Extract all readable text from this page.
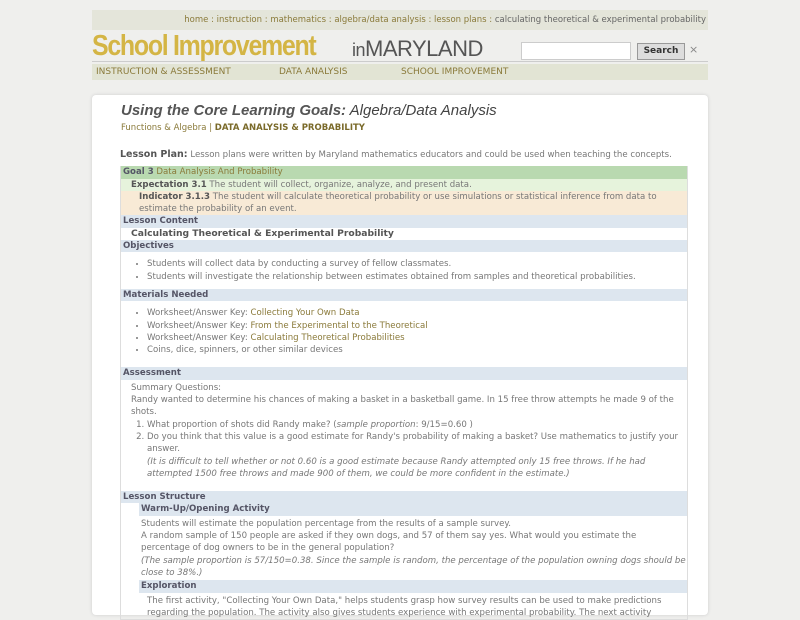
home : instruction : mathematics : algebra/data analysis : lesson plans : calculating theoretical & experimental probability
School Improvement inMARYLAND	Search ×
INSTRUCTION & ASSESSMENT	DATA ANALYSIS	SCHOOL IMPROVEMENT
Using the Core Learning Goals: Algebra/Data Analysis
Functions & Algebra | DATA ANALYSIS & PROBABILITY
Lesson Plan: Lesson plans were written by Maryland mathematics educators and could be used when teaching the concepts.
Goal 3 Data Analysis And Probability
Expectation 3.1 The student will collect, organize, analyze, and present data.
Indicator 3.1.3 The student will calculate theoretical probability or use simulations or statistical inference from data to estimate the probability of an event.
Lesson Content
Calculating Theoretical & Experimental Probability
Objectives
• Students will collect data by conducting a survey of fellow classmates.
• Students will investigate the relationship between estimates obtained from samples and theoretical probabilities.
Materials Needed
• Worksheet/Answer Key: Collecting Your Own Data
• Worksheet/Answer Key: From the Experimental to the Theoretical
• Worksheet/Answer Key: Calculating Theoretical Probabilities
• Coins, dice, spinners, or other similar devices
Assessment
Summary Questions:
Randy wanted to determine his chances of making a basket in a basketball game. In 15 free throw attempts he made 9 of the shots.
1. What proportion of shots did Randy make? (sample proportion: 9/15=0.60 )
2. Do you think that this value is a good estimate for Randy's probability of making a basket? Use mathematics to justify your answer.
(It is difficult to tell whether or not 0.60 is a good estimate because Randy attempted only 15 free throws. If he had attempted 1500 free throws and made 900 of them, we could be more confident in the estimate.)
Lesson Structure
Warm-Up/Opening Activity
Students will estimate the population percentage from the results of a sample survey.
A random sample of 150 people are asked if they own dogs, and 57 of them say yes. What would you estimate the percentage of dog owners to be in the general population?
(The sample proportion is 57/150=0.38. Since the sample is random, the percentage of the population owning dogs should be close to 38%.)
Exploration
The first activity, "Collecting Your Own Data," helps students grasp how survey results can be used to make predictions regarding the population. The activity also gives students experience with experimental probability. The next activity
